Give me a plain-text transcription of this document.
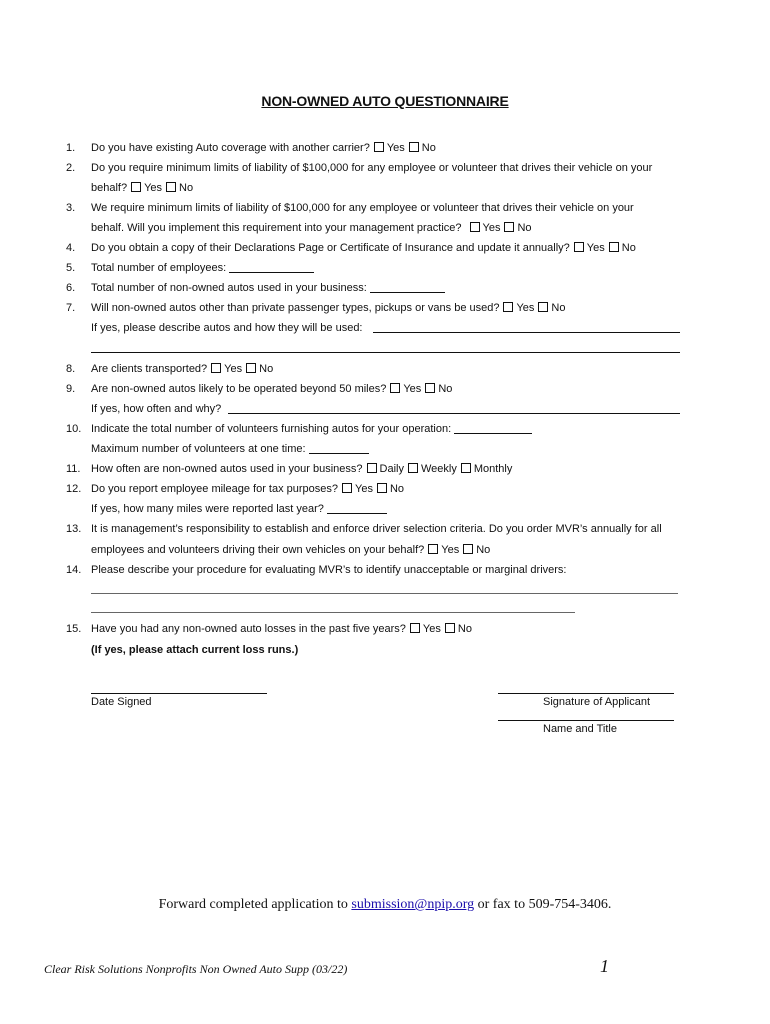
NON-OWNED AUTO QUESTIONNAIRE
1. Do you have existing Auto coverage with another carrier? Yes No
2. Do you require minimum limits of liability of $100,000 for any employee or volunteer that drives their vehicle on your
behalf? Yes No
3. We require minimum limits of liability of $100,000 for any employee or volunteer that drives their vehicle on your
behalf. Will you implement this requirement into your management practice? Yes No
4. Do you obtain a copy of their Declarations Page or Certificate of Insurance and update it annually? Yes No
5. Total number of employees:
6. Total number of non-owned autos used in your business:
7. Will non-owned autos other than private passenger types, pickups or vans be used? Yes No
If yes, please describe autos and how they will be used:
8. Are clients transported? Yes No
9. Are non-owned autos likely to be operated beyond 50 miles? Yes No
If yes, how often and why?
10. Indicate the total number of volunteers furnishing autos for your operation:
Maximum number of volunteers at one time:
11. How often are non-owned autos used in your business? Daily Weekly Monthly
12. Do you report employee mileage for tax purposes? Yes No
If yes, how many miles were reported last year?
13. It is management’s responsibility to establish and enforce driver selection criteria. Do you order MVR’s annually for all
employees and volunteers driving their own vehicles on your behalf? Yes No
14. Please describe your procedure for evaluating MVR’s to identify unacceptable or marginal drivers:
15. Have you had any non-owned auto losses in the past five years? Yes No
(If yes, please attach current loss runs.)
Date Signed	Signature of Applicant
Name and Title
Forward completed application to submission@npip.org or fax to 509-754-3406.
Clear Risk Solutions Nonprofits Non Owned Auto Supp (03/22)	1
